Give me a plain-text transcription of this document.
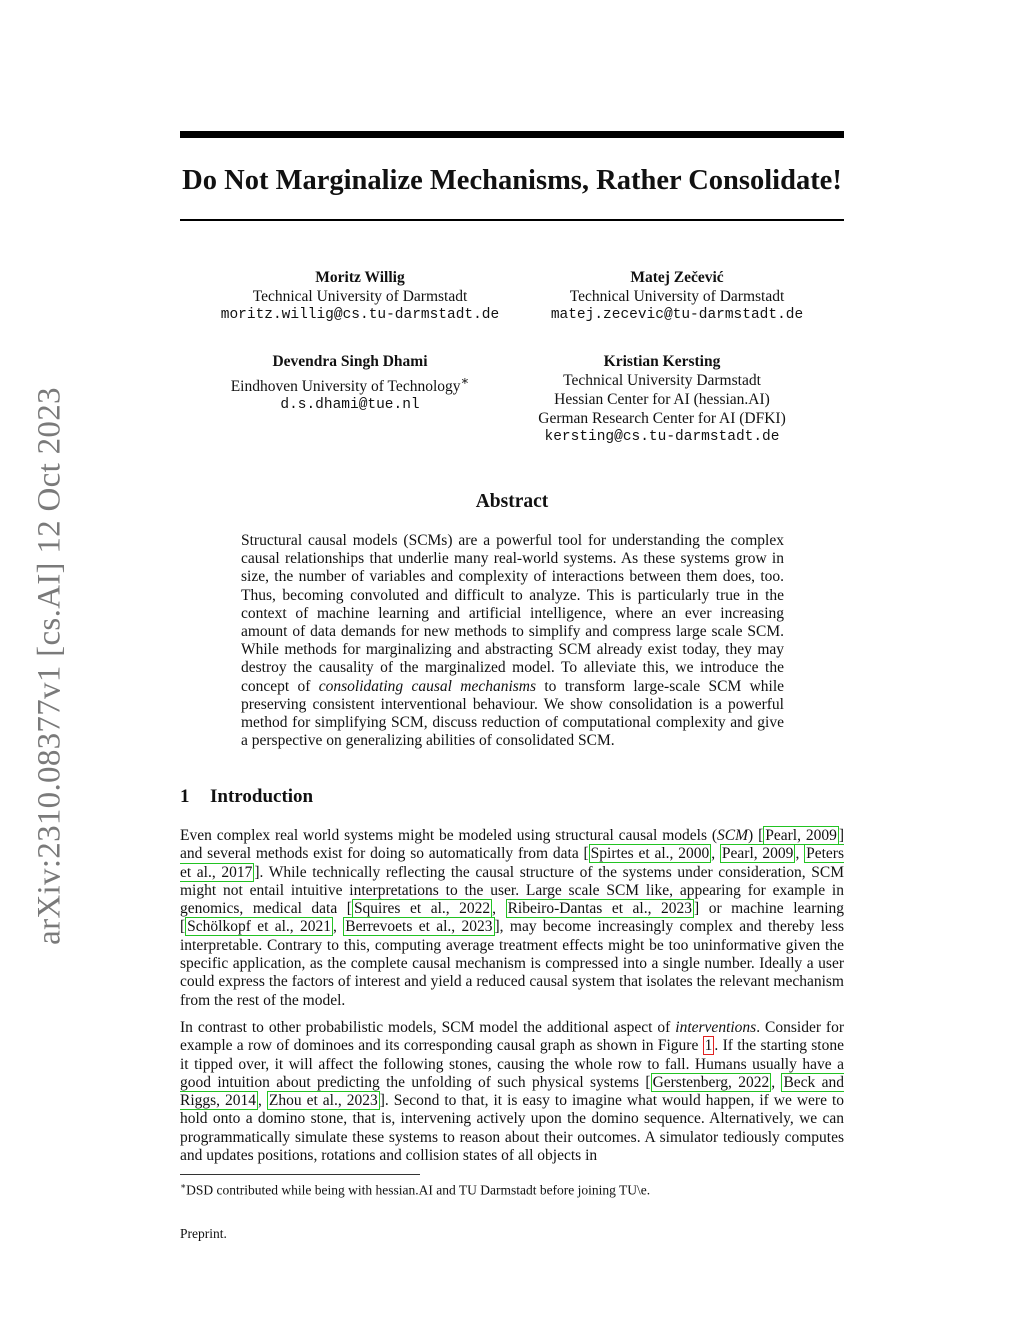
arXiv:2310.08377v1 [cs.AI] 12 Oct 2023
Do Not Marginalize Mechanisms, Rather Consolidate!
Moritz Willig
Technical University of Darmstadt
moritz.willig@cs.tu-darmstadt.de
Matej Zečević
Technical University of Darmstadt
matej.zecevic@tu-darmstadt.de
Devendra Singh Dhami
Eindhoven University of Technology∗
d.s.dhami@tue.nl
Kristian Kersting
Technical University Darmstadt
Hessian Center for AI (hessian.AI)
German Research Center for AI (DFKI)
kersting@cs.tu-darmstadt.de
Abstract
Structural causal models (SCMs) are a powerful tool for understanding the complex causal relationships that underlie many real-world systems. As these systems grow in size, the number of variables and complexity of interactions between them does, too. Thus, becoming convoluted and difficult to analyze. This is particularly true in the context of machine learning and artificial intelligence, where an ever increasing amount of data demands for new methods to simplify and compress large scale SCM. While methods for marginalizing and abstracting SCM already exist today, they may destroy the causality of the marginalized model. To alleviate this, we introduce the concept of consolidating causal mechanisms to transform large-scale SCM while preserving consistent interventional behaviour. We show consolidation is a powerful method for simplifying SCM, discuss reduction of computational complexity and give a perspective on generalizing abilities of consolidated SCM.
1 Introduction

Even complex real world systems might be modeled using structural causal models (SCM) [ Pearl, 2009 ] and several methods exist for doing so automatically from data [ Spirtes et al., 2000 , Pearl, 2009 , Peters et al., 2017 ]. While technically reflecting the causal structure of the systems under consideration, SCM might not entail intuitive interpretations to the user. Large scale SCM like, appearing for example in genomics, medical data [ Squires et al., 2022 , Ribeiro-Dantas et al., 2023 ] or machine learning [ Schölkopf et al., 2021 , Berrevoets et al., 2023 ], may become increasingly complex and thereby less interpretable. Contrary to this, computing average treatment effects might be too uninformative given the specific application, as the complete causal mechanism is compressed into a single number. Ideally a user could express the factors of interest and yield a reduced causal system that isolates the relevant mechanism from the rest of the model.

In contrast to other probabilistic models, SCM model the additional aspect of interventions. Consider for example a row of dominoes and its corresponding causal graph as shown in Figure 1 . If the starting stone it tipped over, it will affect the following stones, causing the whole row to fall. Humans usually have a good intuition about predicting the unfolding of such physical systems [ Gerstenberg, 2022 , Beck and Riggs, 2014 , Zhou et al., 2023 ]. Second to that, it is easy to imagine what would happen, if we were to hold onto a domino stone, that is, intervening actively upon the domino sequence. Alternatively, we can programmatically simulate these systems to reason about their outcomes. A simulator tediously computes and updates positions, rotations and collision states of all objects in

∗DSD contributed while being with hessian.AI and TU Darmstadt before joining TU\e.
Preprint.
